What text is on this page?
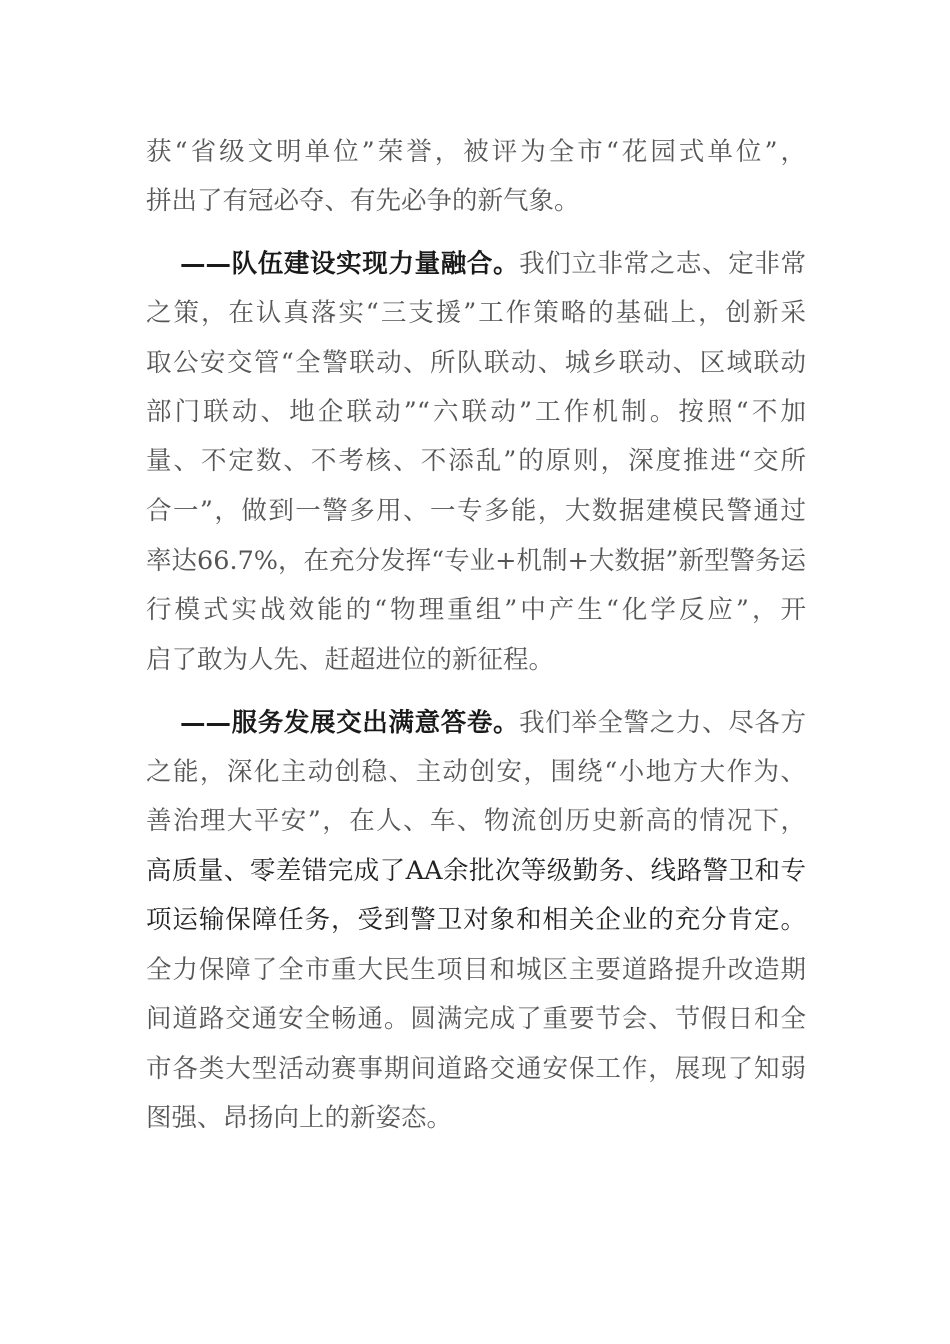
获“省级文明单位”荣誉，被评为全市“花园式单位”，
拼出了有冠必夺、有先必争的新气象。
——队伍建设实现力量融合。我们立非常之志、定非常
之策，在认真落实“三支援”工作策略的基础上，创新采
取公安交管“全警联动、所队联动、城乡联动、区域联动
部门联动、地企联动”“六联动”工作机制。按照“不加
量、不定数、不考核、不添乱”的原则，深度推进“交所
合一”，做到一警多用、一专多能，大数据建模民警通过
率达66.7%，在充分发挥“专业+机制+大数据”新型警务运
行模式实战效能的“物理重组”中产生“化学反应”，开
启了敢为人先、赶超进位的新征程。
——服务发展交出满意答卷。我们举全警之力、尽各方
之能，深化主动创稳、主动创安，围绕“小地方大作为、
善治理大平安”，在人、车、物流创历史新高的情况下，
高质量、零差错完成了AA余批次等级勤务、线路警卫和专
项运输保障任务，受到警卫对象和相关企业的充分肯定。
全力保障了全市重大民生项目和城区主要道路提升改造期
间道路交通安全畅通。圆满完成了重要节会、节假日和全
市各类大型活动赛事期间道路交通安保工作，展现了知弱
图强、昂扬向上的新姿态。
